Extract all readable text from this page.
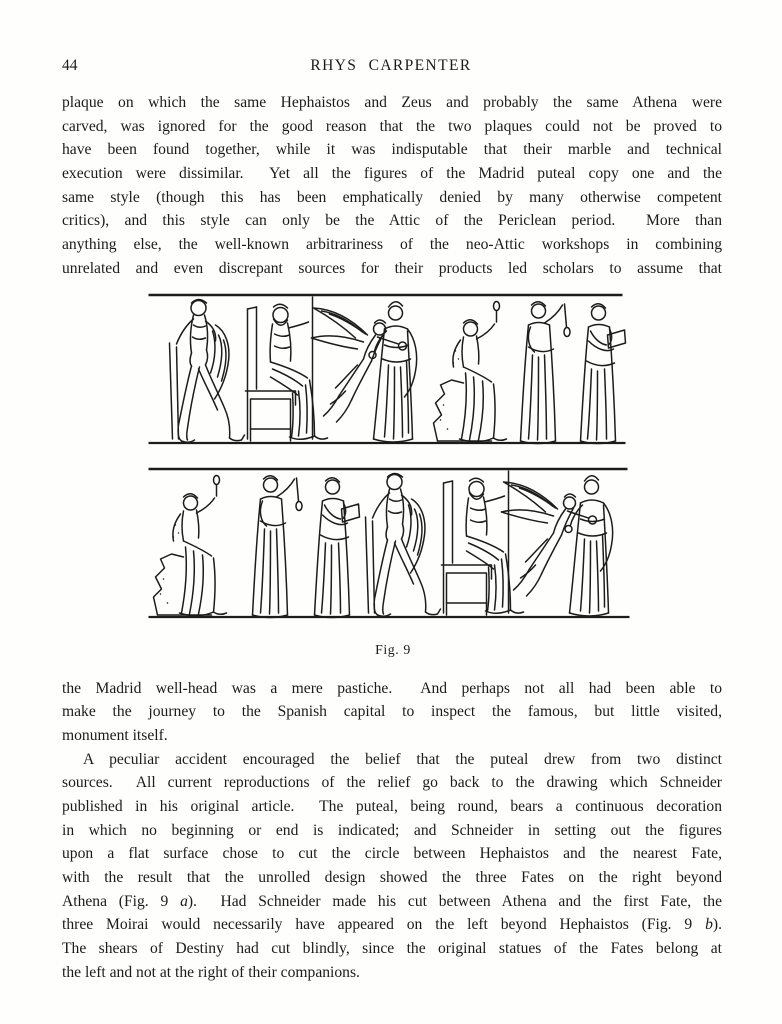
44	RHYS CARPENTER
plaque on which the same Hephaistos and Zeus and probably the same Athena were
carved, was ignored for the good reason that the two plaques could not be proved to
have been found together, while it was indisputable that their marble and technical
execution were dissimilar.  Yet all the figures of the Madrid puteal copy one and the
same style (though this has been emphatically denied by many otherwise competent
critics), and this style can only be the Attic of the Periclean period.  More than
anything else, the well-known arbitrariness of the neo-Attic workshops in combining
unrelated and even discrepant sources for their products led scholars to assume that
Fig. 9
the Madrid well-head was a mere pastiche.  And perhaps not all had been able to
make the journey to the Spanish capital to inspect the famous, but little visited,
monument itself.
A peculiar accident encouraged the belief that the puteal drew from two distinct
sources.  All current reproductions of the relief go back to the drawing which Schneider
published in his original article.  The puteal, being round, bears a continuous decoration
in which no beginning or end is indicated; and Schneider in setting out the figures
upon a flat surface chose to cut the circle between Hephaistos and the nearest Fate,
with the result that the unrolled design showed the three Fates on the right beyond
Athena (Fig. 9 a).  Had Schneider made his cut between Athena and the first Fate, the
three Moirai would necessarily have appeared on the left beyond Hephaistos (Fig. 9 b).
The shears of Destiny had cut blindly, since the original statues of the Fates belong at
the left and not at the right of their companions.
